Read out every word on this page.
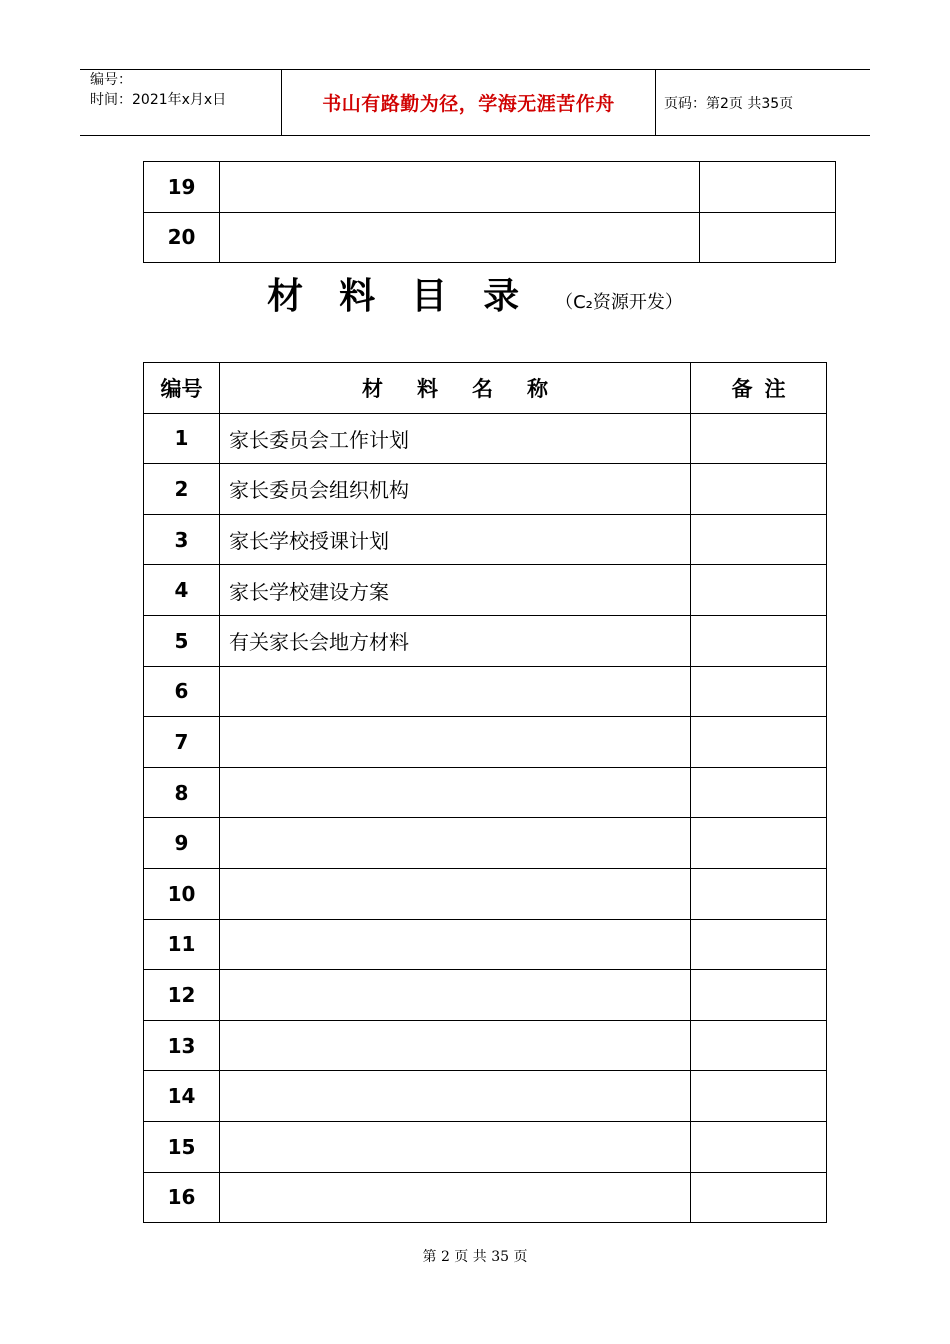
编号：
时间：2021年x月x日	书山有路勤为径，学海无涯苦作舟	页码：第2页 共35页
19		
20		
材料目录（C₂资源开发）
编号	材料名称	备注
1	家长委员会工作计划	
2	家长委员会组织机构	
3	家长学校授课计划	
4	家长学校建设方案	
5	有关家长会地方材料	
6		
7		
8		
9		
10		
11		
12		
13		
14		
15		
16		
第 2 页 共 35 页
